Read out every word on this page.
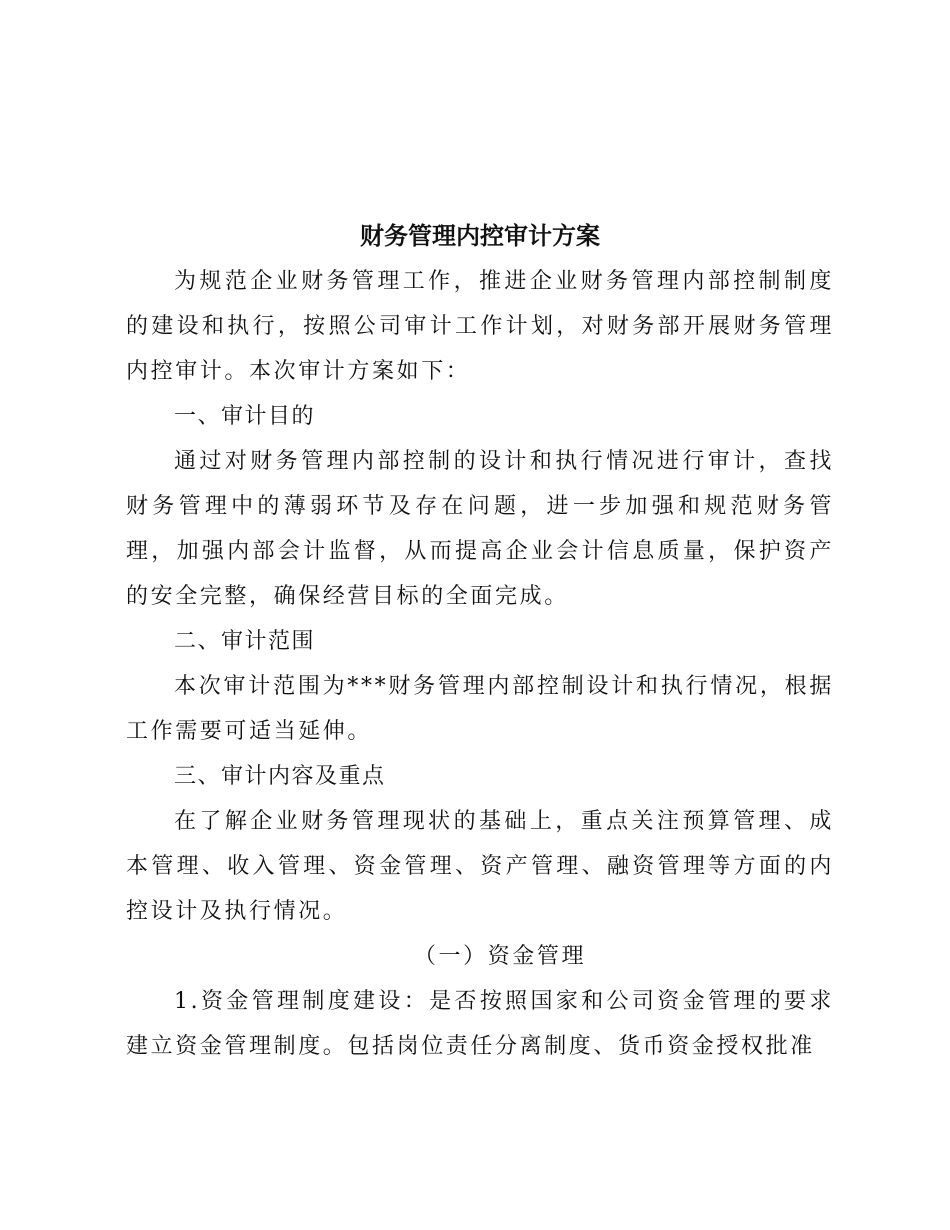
财务管理内控审计方案

为规范企业财务管理工作，推进企业财务管理内部控制制度的建设和执行，按照公司审计工作计划，对财务部开展财务管理内控审计。本次审计方案如下：

一、审计目的

通过对财务管理内部控制的设计和执行情况进行审计，查找财务管理中的薄弱环节及存在问题，进一步加强和规范财务管理，加强内部会计监督，从而提高企业会计信息质量，保护资产的安全完整，确保经营目标的全面完成。

二、审计范围

本次审计范围为***财务管理内部控制设计和执行情况，根据工作需要可适当延伸。

三、审计内容及重点

在了解企业财务管理现状的基础上，重点关注预算管理、成本管理、收入管理、资金管理、资产管理、融资管理等方面的内控设计及执行情况。

（一）资金管理

1.资金管理制度建设：是否按照国家和公司资金管理的要求建立资金管理制度。包括岗位责任分离制度、货币资金授权批准
